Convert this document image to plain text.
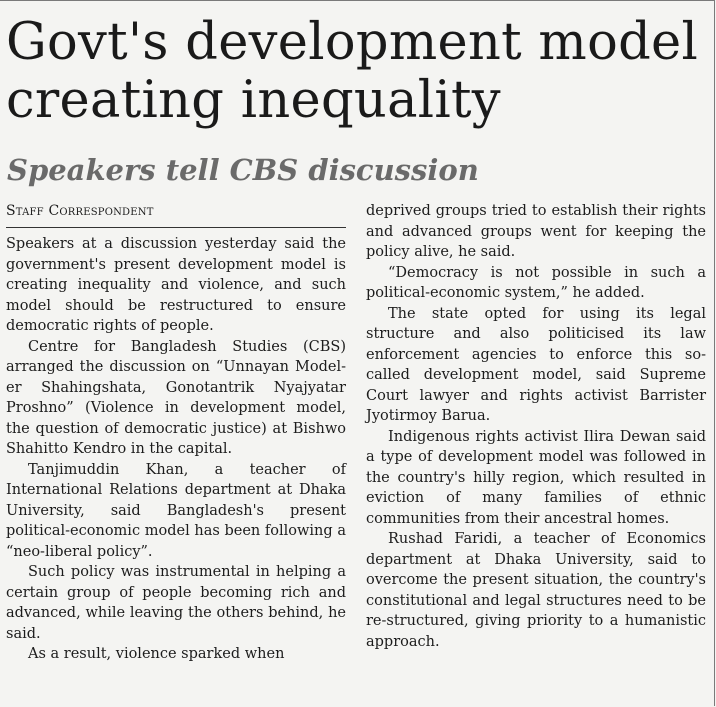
Govt's development model creating inequality
Speakers tell CBS discussion
Staff Correspondent

Speakers at a discussion yesterday said the government's present development model is creating inequality and violence, and such model should be restructured to ensure democratic rights of people.

Centre for Bangladesh Studies (CBS) arranged the discussion on “Unnayan Model-er Shahingshata, Gonotantrik Nyajyatar Proshno” (Violence in development model, the question of democratic justice) at Bishwo Shahitto Kendro in the capital.

Tanjimuddin Khan, a teacher of International Relations department at Dhaka University, said Bangladesh's present political-economic model has been following a “neo-liberal policy”.

Such policy was instrumental in helping a certain group of people becoming rich and advanced, while leaving the others behind, he said.

As a result, violence sparked when

deprived groups tried to establish their rights and advanced groups went for keeping the policy alive, he said.

“Democracy is not possible in such a political-economic system,” he added.

The state opted for using its legal structure and also politicised its law enforcement agencies to enforce this so-called development model, said Supreme Court lawyer and rights activist Barrister Jyotirmoy Barua.

Indigenous rights activist Ilira Dewan said a type of development model was followed in the country's hilly region, which resulted in eviction of many families of ethnic communities from their ancestral homes.

Rushad Faridi, a teacher of Economics department at Dhaka University, said to overcome the present situation, the country's constitutional and legal structures need to be re-structured, giving priority to a humanistic approach.
